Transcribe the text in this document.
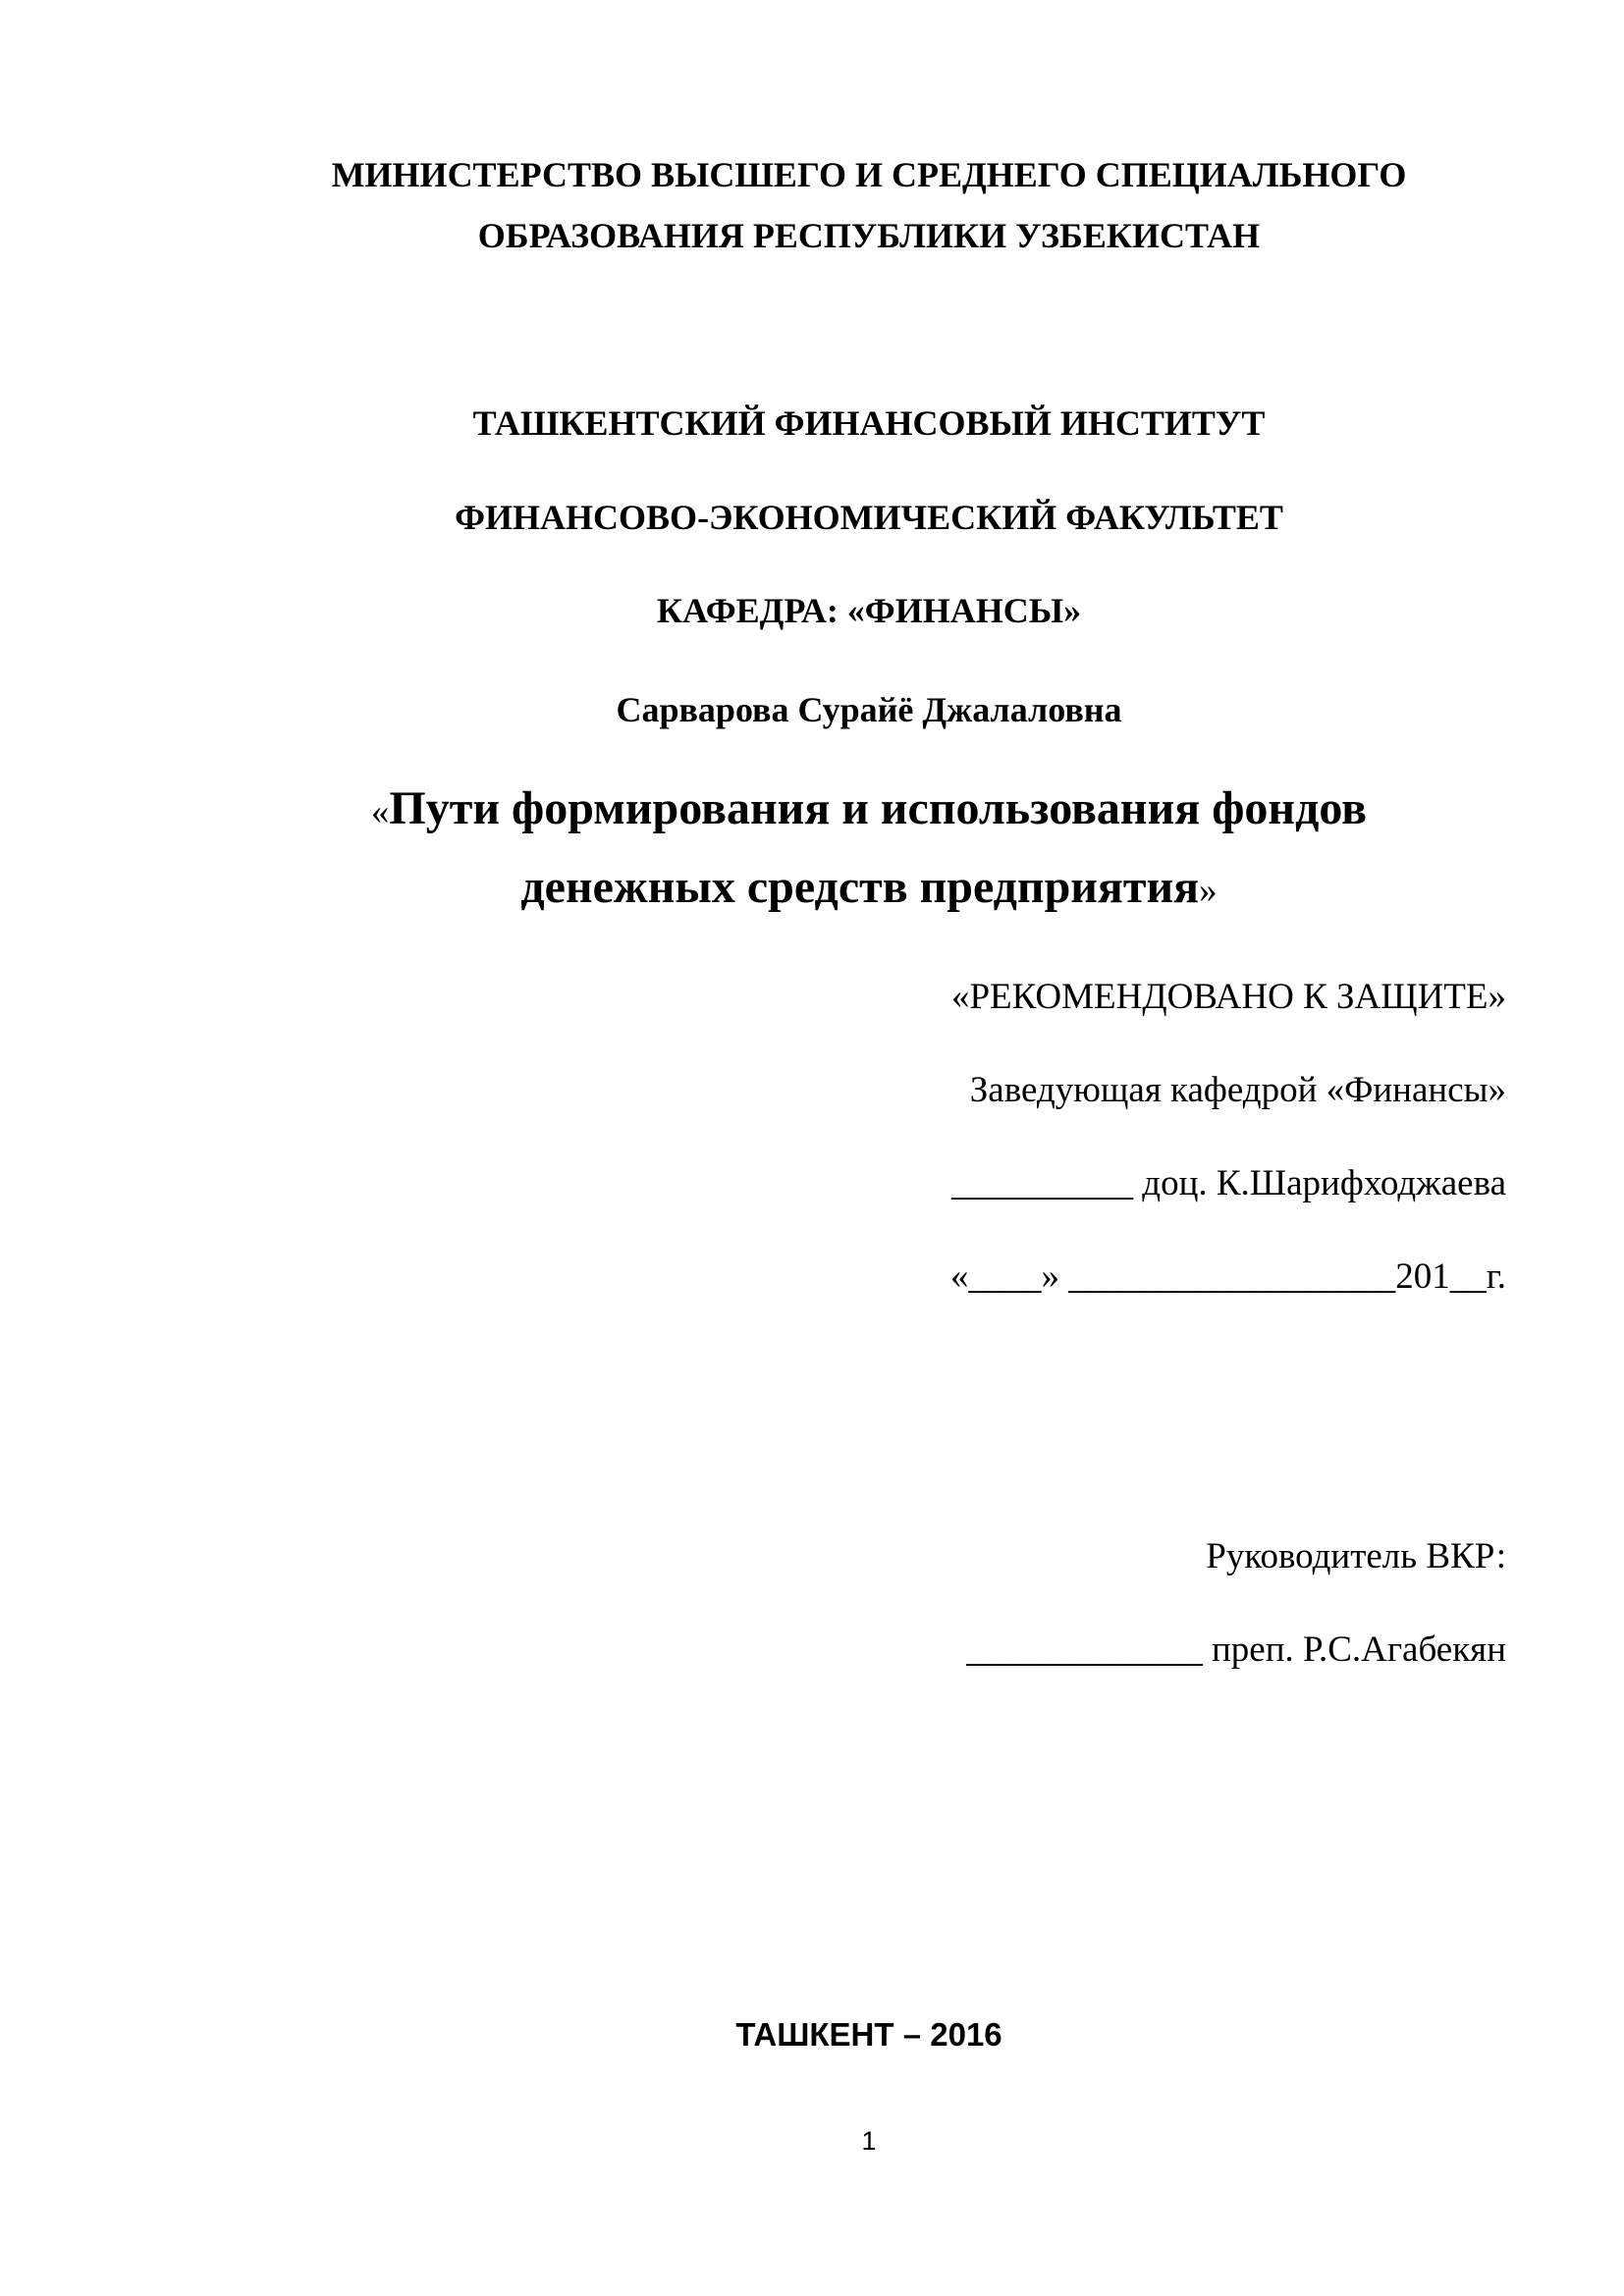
МИНИСТЕРСТВО ВЫСШЕГО И СРЕДНЕГО СПЕЦИАЛЬНОГО
ОБРАЗОВАНИЯ РЕСПУБЛИКИ УЗБЕКИСТАН
ТАШКЕНТСКИЙ ФИНАНСОВЫЙ ИНСТИТУТ
ФИНАНСОВО-ЭКОНОМИЧЕСКИЙ ФАКУЛЬТЕТ
КАФЕДРА: «ФИНАНСЫ»
Сарварова Сурайё Джалаловна
«Пути формирования и использования фондов
денежных средств предприятия»
«РЕКОМЕНДОВАНО К ЗАЩИТЕ»
Заведующая кафедрой «Финансы»
__________ доц. К.Шарифходжаева
«____» __________________201__г.
Руководитель ВКР:
_____________ преп. Р.С.Агабекян
ТАШКЕНТ – 2016
1
